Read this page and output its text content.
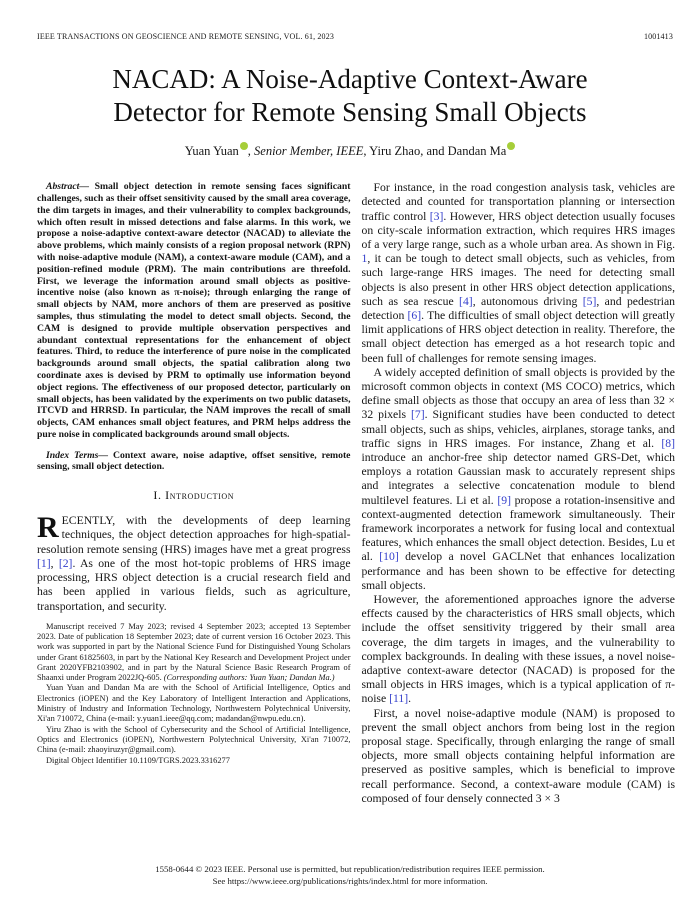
IEEE TRANSACTIONS ON GEOSCIENCE AND REMOTE SENSING, VOL. 61, 2023	1001413
NACAD: A Noise-Adaptive Context-Aware
Detector for Remote Sensing Small Objects
Yuan Yuan , Senior Member, IEEE, Yiru Zhao, and Dandan Ma

Abstract— Small object detection in remote sensing faces significant challenges, such as their offset sensitivity caused by the small area coverage, the dim targets in images, and their vulnerability to complex backgrounds, which often result in missed detections and false alarms. In this work, we propose a noise-adaptive context-aware detector (NACAD) to alleviate the above problems, which mainly consists of a region proposal network (RPN) with noise-adaptive module (NAM), a context-aware module (CAM), and a position-refined module (PRM). The main contributions are threefold. First, we leverage the information around small objects as positive-incentive noise (also known as π-noise); through enlarging the range of small objects by NAM, more anchors of them are preserved as positive samples, thus stimulating the model to detect small objects. Second, the CAM is designed to provide multiple observation perspectives and abundant contextual representations for the enhancement of object features. Third, to reduce the interference of pure noise in the complicated backgrounds around small objects, the spatial calibration along two coordinate axes is devised by PRM to optimally use information beyond object regions. The effectiveness of our proposed detector, particularly on small objects, has been validated by the experiments on two public datasets, ITCVD and HRRSD. In particular, the NAM improves the recall of small objects, CAM enhances small object features, and PRM helps address the pure noise in complicated backgrounds around small objects.

Index Terms— Context aware, noise adaptive, offset sensitive, remote sensing, small object detection.

I. Introduction

RECENTLY, with the developments of deep learning techniques, the object detection approaches for high-spatial-resolution remote sensing (HRS) images have met a great progress [1], [2]. As one of the most hot-topic problems of HRS image processing, HRS object detection is a crucial research field and has been applied in various fields, such as agriculture, transportation, and security.

Manuscript received 7 May 2023; revised 4 September 2023; accepted 13 September 2023. Date of publication 18 September 2023; date of current version 16 October 2023. This work was supported in part by the National Science Fund for Distinguished Young Scholars under Grant 61825603, in part by the National Key Research and Development Project under Grant 2020YFB2103902, and in part by the Natural Science Basic Research Program of Shaanxi under Program 2022JQ-605. (Corresponding authors: Yuan Yuan; Dandan Ma.)

Yuan Yuan and Dandan Ma are with the School of Artificial Intelligence, Optics and Electronics (iOPEN) and the Key Laboratory of Intelligent Interaction and Applications, Ministry of Industry and Information Technology, Northwestern Polytechnical University, Xi'an 710072, China (e-mail: y.yuan1.ieee@qq.com; madandan@nwpu.edu.cn).

Yiru Zhao is with the School of Cybersecurity and the School of Artificial Intelligence, Optics and Electronics (iOPEN), Northwestern Polytechnical University, Xi'an 710072, China (e-mail: zhaoyiruzyr@gmail.com).

Digital Object Identifier 10.1109/TGRS.2023.3316277

For instance, in the road congestion analysis task, vehicles are detected and counted for transportation planning or intersection traffic control [3]. However, HRS object detection usually focuses on city-scale information extraction, which requires HRS images of a very large range, such as a whole urban area. As shown in Fig. 1, it can be tough to detect small objects, such as vehicles, from such large-range HRS images. The need for detecting small objects is also present in other HRS object detection applications, such as sea rescue [4], autonomous driving [5], and pedestrian detection [6]. The difficulties of small object detection will greatly limit applications of HRS object detection in reality. Therefore, the small object detection has emerged as a hot research topic and been full of challenges for remote sensing images.

A widely accepted definition of small objects is provided by the microsoft common objects in context (MS COCO) metrics, which define small objects as those that occupy an area of less than 32 × 32 pixels [7]. Significant studies have been conducted to detect small objects, such as ships, vehicles, airplanes, storage tanks, and traffic signs in HRS images. For instance, Zhang et al. [8] introduce an anchor-free ship detector named GRS-Det, which employs a rotation Gaussian mask to accurately represent ships and integrates a selective concatenation module to blend multilevel features. Li et al. [9] propose a rotation-insensitive and context-augmented detection framework simultaneously. Their framework incorporates a network for fusing local and contextual features, which enhances the small object detection. Besides, Lu et al. [10] develop a novel GACLNet that enhances localization performance and has been shown to be effective for detecting small objects.

However, the aforementioned approaches ignore the adverse effects caused by the characteristics of HRS small objects, which include the offset sensitivity triggered by their small area coverage, the dim targets in images, and the vulnerability to complex backgrounds. In dealing with these issues, a novel noise-adaptive context-aware detector (NACAD) is proposed for the small objects in HRS images, which is a typical application of π-noise [11].

First, a novel noise-adaptive module (NAM) is proposed to prevent the small object anchors from being lost in the region proposal stage. Specifically, through enlarging the range of small objects, more small objects containing helpful information are preserved as positive samples, which is beneficial to improve recall performance. Second, a context-aware module (CAM) is composed of four densely connected 3 × 3

1558-0644 © 2023 IEEE. Personal use is permitted, but republication/redistribution requires IEEE permission.
See https://www.ieee.org/publications/rights/index.html for more information.
